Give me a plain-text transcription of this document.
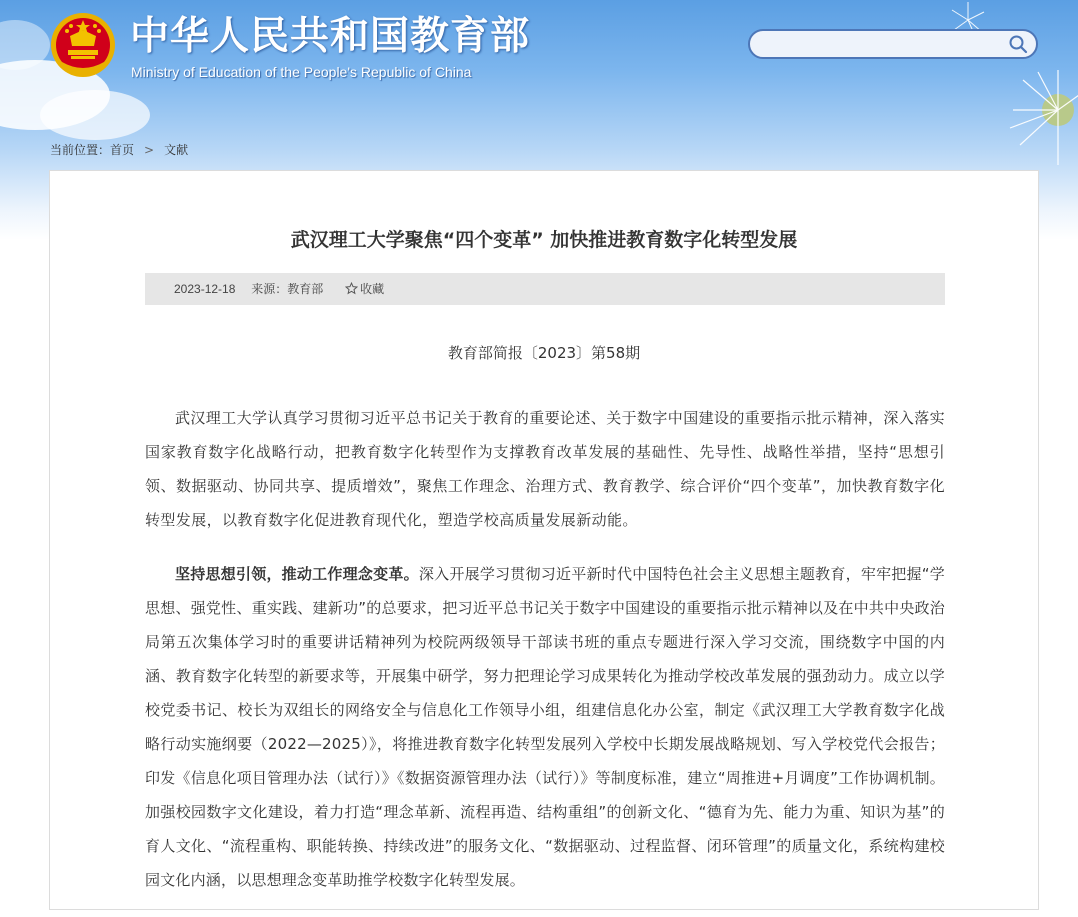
中华人民共和国教育部
Ministry of Education of the People's Republic of China
当前位置：首页 > 文献
武汉理工大学聚焦“四个变革” 加快推进教育数字化转型发展
2023-12-18 来源：教育部	收藏
教育部简报〔2023〕第58期

武汉理工大学认真学习贯彻习近平总书记关于教育的重要论述、关于数字中国建设的重要指示批示精神，深入落实国家教育数字化战略行动，把教育数字化转型作为支撑教育改革发展的基础性、先导性、战略性举措，坚持“思想引领、数据驱动、协同共享、提质增效”，聚焦工作理念、治理方式、教育教学、综合评价“四个变革”，加快教育数字化转型发展，以教育数字化促进教育现代化，塑造学校高质量发展新动能。

坚持思想引领，推动工作理念变革。深入开展学习贯彻习近平新时代中国特色社会主义思想主题教育，牢牢把握“学思想、强党性、重实践、建新功”的总要求，把习近平总书记关于数字中国建设的重要指示批示精神以及在中共中央政治局第五次集体学习时的重要讲话精神列为校院两级领导干部读书班的重点专题进行深入学习交流，围绕数字中国的内涵、教育数字化转型的新要求等，开展集中研学，努力把理论学习成果转化为推动学校改革发展的强劲动力。成立以学校党委书记、校长为双组长的网络安全与信息化工作领导小组，组建信息化办公室，制定《武汉理工大学教育数字化战略行动实施纲要（2022—2025）》，将推进教育数字化转型发展列入学校中长期发展战略规划、写入学校党代会报告；印发《信息化项目管理办法（试行）》《数据资源管理办法（试行）》等制度标准，建立“周推进+月调度”工作协调机制。加强校园数字文化建设，着力打造“理念革新、流程再造、结构重组”的创新文化、“德育为先、能力为重、知识为基”的育人文化、“流程重构、职能转换、持续改进”的服务文化、“数据驱动、过程监督、闭环管理”的质量文化，系统构建校园文化内涵，以思想理念变革助推学校数字化转型发展。
